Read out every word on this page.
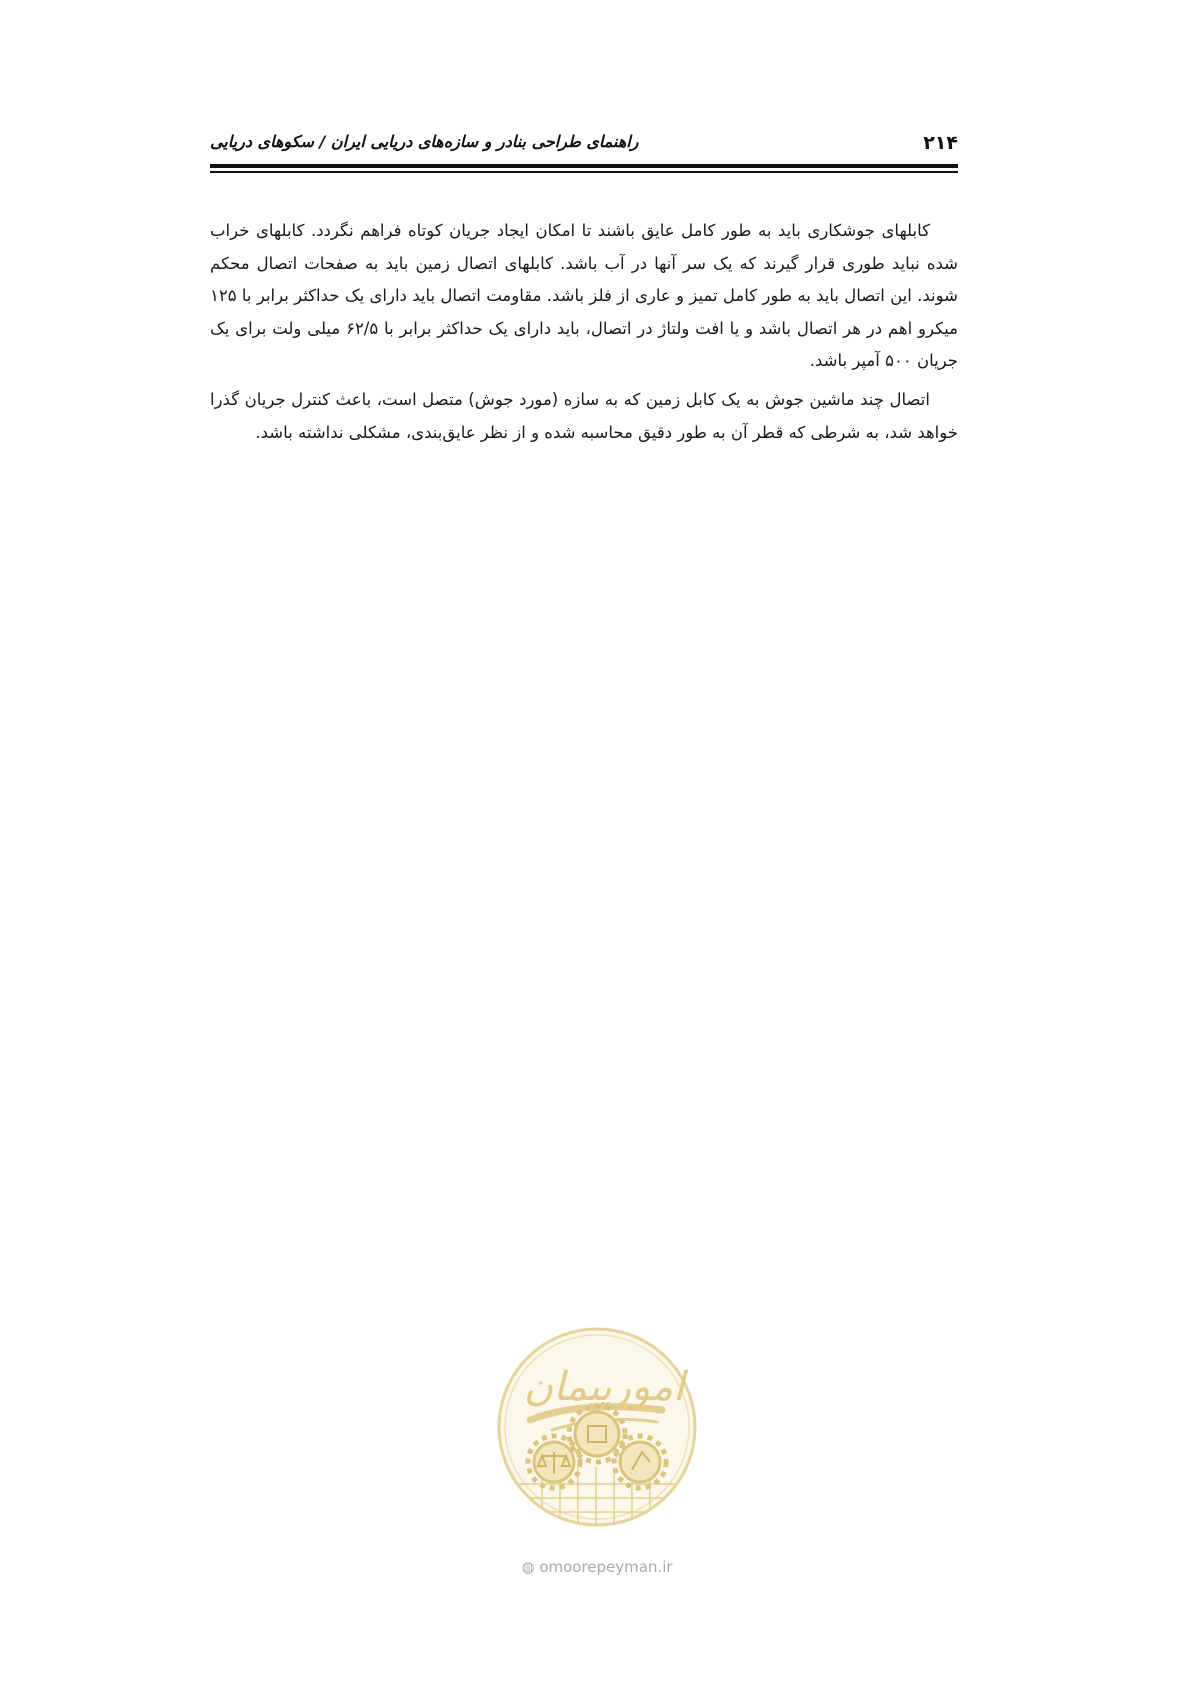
۲۱۴
راهنمای طراحی بنادر و سازه‌های دریایی ایران / سکوهای دریایی

کابلهای جوشکاری باید به طور کامل عایق باشند تا امکان ایجاد جریان کوتاه فراهم نگردد. کابلهای خراب شده نباید طوری قرار گیرند که یک سر آنها در آب باشد. کابلهای اتصال زمین باید به صفحات اتصال محکم شوند. این اتصال باید به طور کامل تمیز و عاری از فلز باشد. مقاومت اتصال باید دارای یک حداکثر برابر با ۱۲۵ میکرو اهم در هر اتصال باشد و یا افت ولتاژ در اتصال، باید دارای یک حداکثر برابر با ۶۲/۵ میلی ولت برای یک جریان ۵۰۰ آمپر باشد.

اتصال چند ماشین جوش به یک کابل زمین که به سازه (مورد جوش) متصل است، باعث کنترل جریان گذرا خواهد شد، به شرطی که قطر آن به طور دقیق محاسبه شده و از نظر عایق‌بندی، مشکلی نداشته باشد.

امورپیمان
◍ omoorepeyman.ir
